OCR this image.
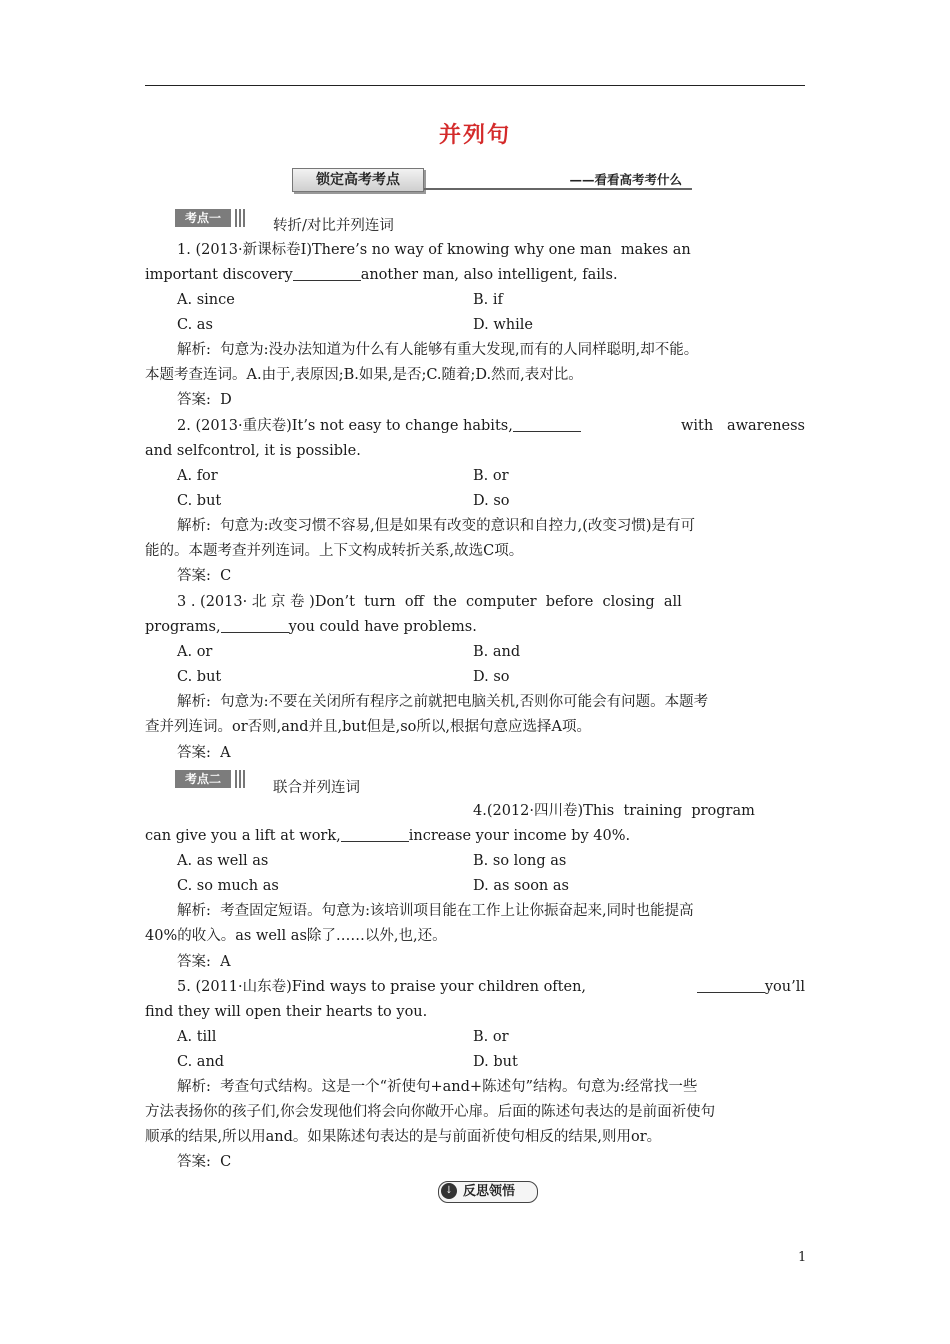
并列句
锁定高考考点	——看看高考考什么
考点一	转折/对比并列连词
1. (2013·新课标卷Ⅰ)There’s no way of knowing why one man  makes an
important discovery	another man, also intelligent, fails.
A. since	B. if
C. as	D. while
解析:  句意为:没办法知道为什么有人能够有重大发现,而有的人同样聪明,却不能。
本题考查连词。A.由于,表原因;B.如果,是否;C.随着;D.然而,表对比。
答案:  D
2. (2013·重庆卷)It’s not easy to change habits,	with   awareness
and selfcontrol, it is possible.
A. for	B. or
C. but	D. so
解析:  句意为:改变习惯不容易,但是如果有改变的意识和自控力,(改变习惯)是有可
能的。本题考查并列连词。上下文构成转折关系,故选C项。
答案:  C
3 . (2013· 北 京 卷 )Don’t  turn  off  the  computer  before  closing  all
programs,	you could have problems.
A. or	B. and
C. but	D. so
解析:  句意为:不要在关闭所有程序之前就把电脑关机,否则你可能会有问题。本题考
查并列连词。or否则,and并且,but但是,so所以,根据句意应选择A项。
答案:  A
考点二
联合并列连词
4.(2012·四川卷)This  training  program
can give you a lift at work,	increase your income by 40%.
A. as well as	B. so long as
C. so much as	D. as soon as
解析:  考查固定短语。句意为:该培训项目能在工作上让你振奋起来,同时也能提高
40%的收入。as well as除了……以外,也,还。
答案:  A
5. (2011·山东卷)Find ways to praise your children often,	you’ll
find they will open their hearts to you.
A. till	B. or
C. and	D. but
解析:  考查句式结构。这是一个“祈使句+and+陈述句”结构。句意为:经常找一些
方法表扬你的孩子们,你会发现他们将会向你敞开心扉。后面的陈述句表达的是前面祈使句
顺承的结果,所以用and。如果陈述句表达的是与前面祈使句相反的结果,则用or。
答案:  C
↓ 反思领悟
1
